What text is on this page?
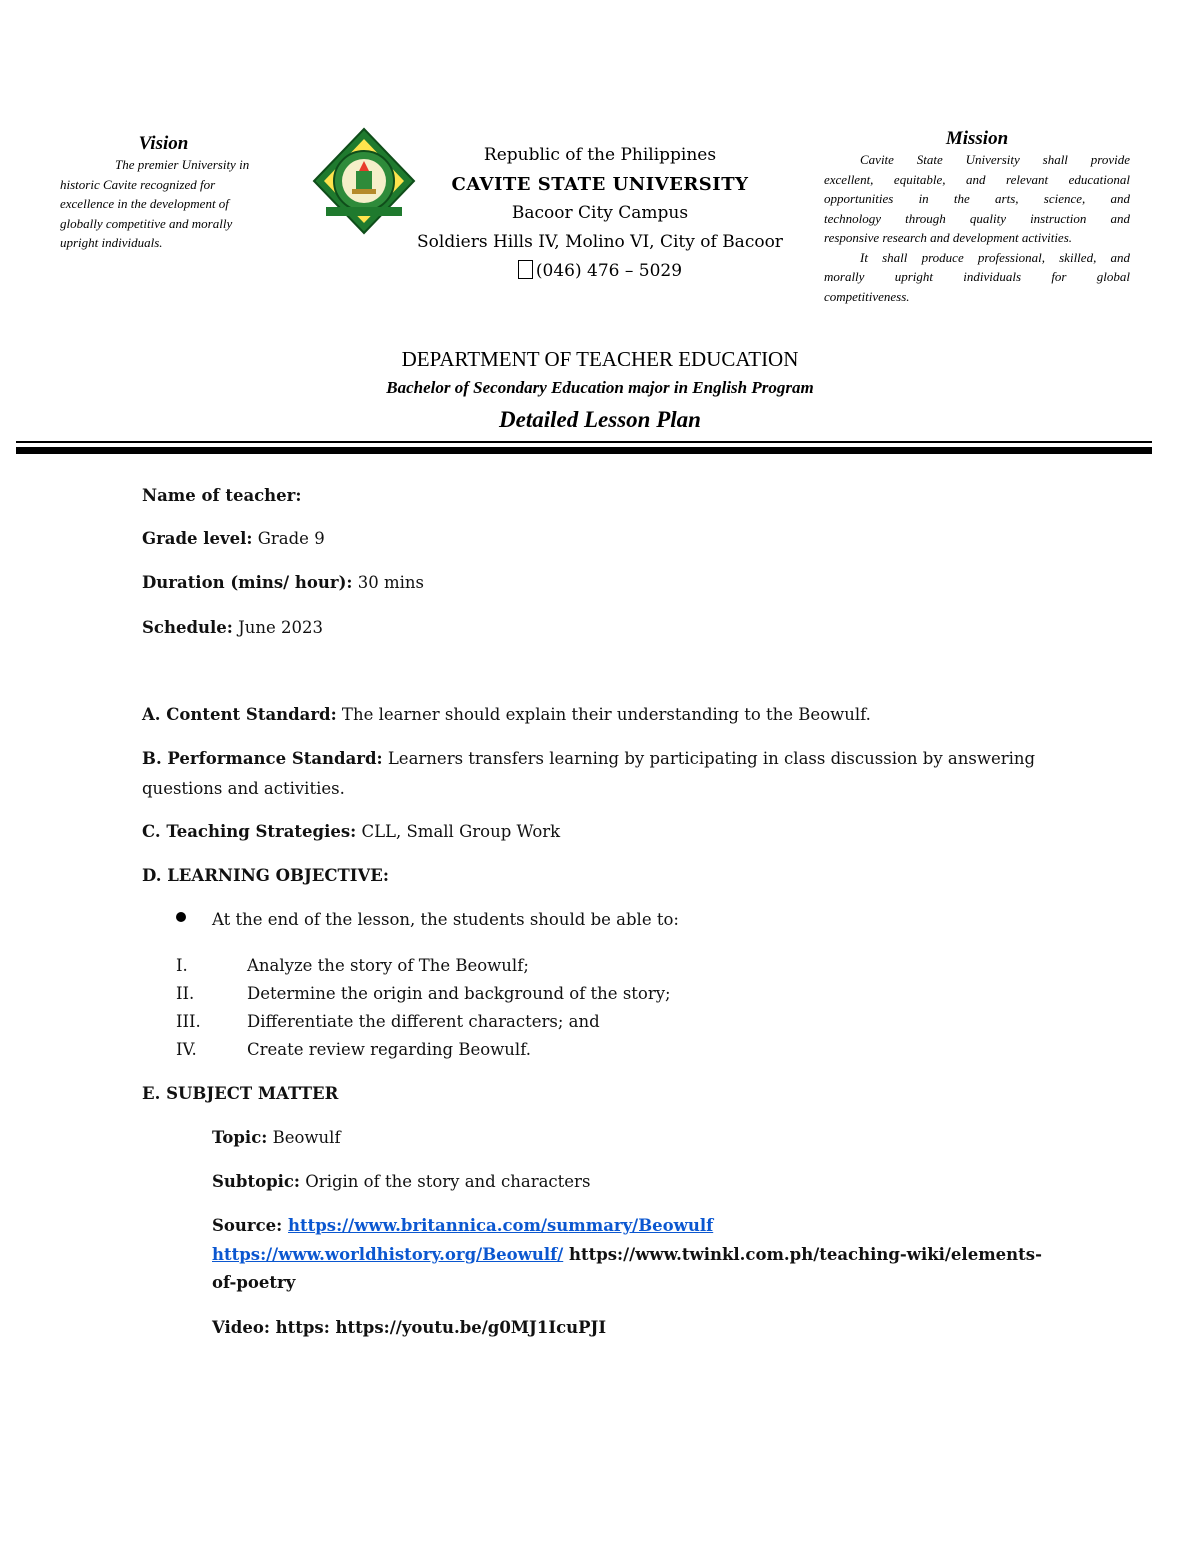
Vision
The premier University in
historic Cavite recognized for
excellence in the development of
globally competitive and morally
upright individuals.
Republic of the Philippines
CAVITE STATE UNIVERSITY
Bacoor City Campus
Soldiers Hills IV, Molino VI, City of Bacoor
(046) 476 – 5029
Mission
Cavite State University shall provide
excellent, equitable, and relevant educational
opportunities in the arts, science, and
technology through quality instruction and
responsive research and development activities.
It shall produce professional, skilled, and
morally upright individuals for global
competitiveness.
DEPARTMENT OF TEACHER EDUCATION
Bachelor of Secondary Education major in English Program
Detailed Lesson Plan
Name of teacher:
Grade level: Grade 9
Duration (mins/ hour): 30 mins
Schedule: June 2023
A. Content Standard: The learner should explain their understanding to the Beowulf.
B. Performance Standard: Learners transfers learning by participating in class discussion by answering
questions and activities.
C. Teaching Strategies: CLL, Small Group Work
D. LEARNING OBJECTIVE:
At the end of the lesson, the students should be able to:
I.	Analyze the story of The Beowulf;
II.	Determine the origin and background of the story;
III.	Differentiate the different characters; and
IV.	Create review regarding Beowulf.
E. SUBJECT MATTER
Topic: Beowulf
Subtopic: Origin of the story and characters
Source: https://www.britannica.com/summary/Beowulf
https://www.worldhistory.org/Beowulf/ https://www.twinkl.com.ph/teaching-wiki/elements-
of-poetry
Video: https: https://youtu.be/g0MJ1IcuPJI
